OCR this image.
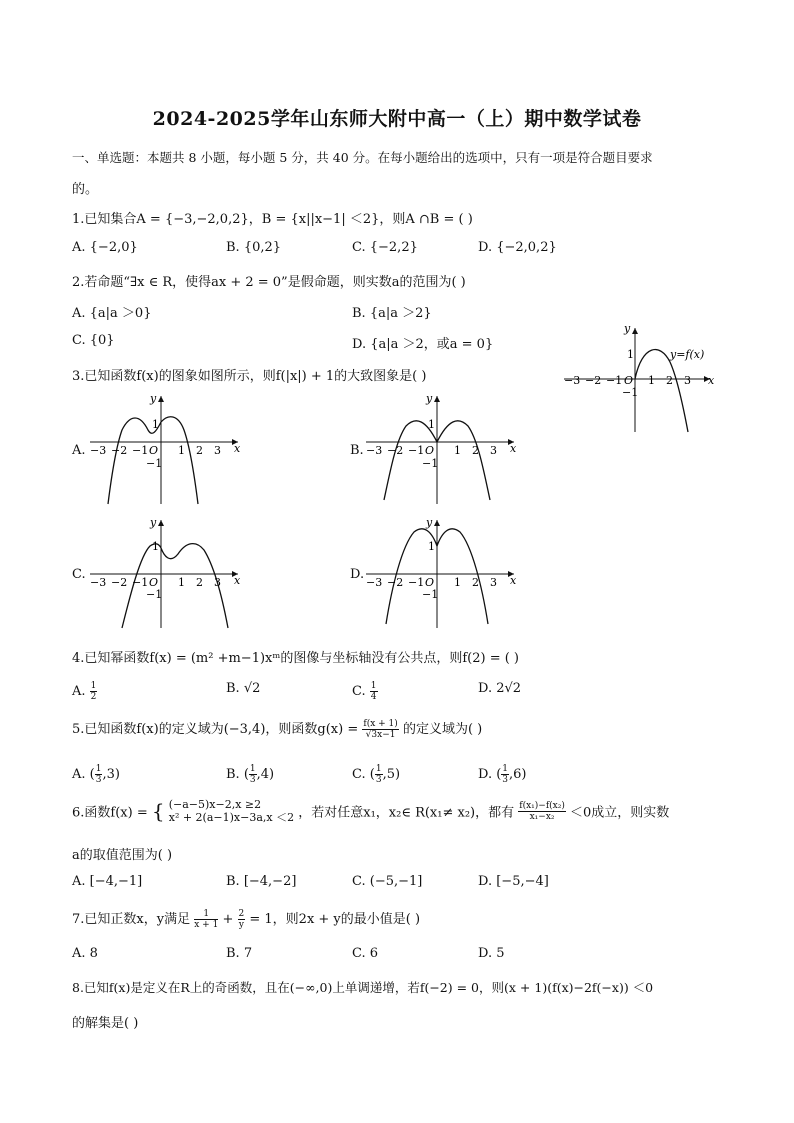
2024-2025学年山东师大附中高一（上）期中数学试卷
一、单选题：本题共 8 小题，每小题 5 分，共 40 分。在每小题给出的选项中，只有一项是符合题目要求
的。
1.已知集合A = {−3,−2,0,2}，B = {x||x−1| ＜2}，则A ∩B = ( )
A. {−2,0}	B. {0,2}	C. {−2,2}	D. {−2,0,2}
2.若命题“∃x ∈ R，使得ax + 2 = 0”是假命题，则实数a的范围为( )
A. {a|a ＞0}	B. {a|a ＞2}
C. {0}	D. {a|a ＞2，或a = 0}
3.已知函数f(x)的图象如图所示，则f(|x|) + 1的大致图象是( )	x
y
O
−3 −2 −1 1 2 3
1
−1
y=f(x)
A.	x
y
O
−3 −2 −1	1 2 3
1
−1
B.	x
y
O
−3 −2 −1	1 2 3
1
−1
C.	x
y
O
−3 −2 −1	1 2 3
1
−1
D.	x
y
O
−3 −2 −1	1 2 3
1
−1
4.已知幂函数f(x) = (m² +m−1)xᵐ的图像与坐标轴没有公共点，则f(2) = ( )
A. $\frac{1}{2}$	B. √2	C. $\frac{1}{4}$	D. 2√2
5.已知函数f(x)的定义域为(−3,4)，则函数$g(x) = \frac{f(x + 1)}{√3x-1}$ 的定义域为( )
A. ( $\frac{1}{3} ,3$)	B. ( $\frac{1}{3} ,4$)	C. ( $\frac{1}{3} ,5$)	D. ( $\frac{1}{3} ,6$)
6.函数f(x) = { (−a−5)x−2,x ≥2
x² + 2(a−1)x−3a,x ＜2 ，若对任意x₁，x₂∈ R(x₁≠ x₂)，都有 $\frac{\text{f(x₁)−f(x₂)}}{\text{x₁−x₂}} <0$成立，则实数
a的取值范围为( )
A. [−4,−1]	B. [−4,−2]	C. (−5,−1]	D. [−5,−4]
7.已知正数x，y满足 $\frac{1}{x + 1} + \frac{2}{y} = 1$，则2x + y的最小值是( )
A. 8	B. 7	C. 6	D. 5
8.已知f(x)是定义在R上的奇函数，且在(−∞,0)上单调递增，若f(−2) = 0，则(x + 1)(f(x)−2f(−x)) ＜0
的解集是( )
